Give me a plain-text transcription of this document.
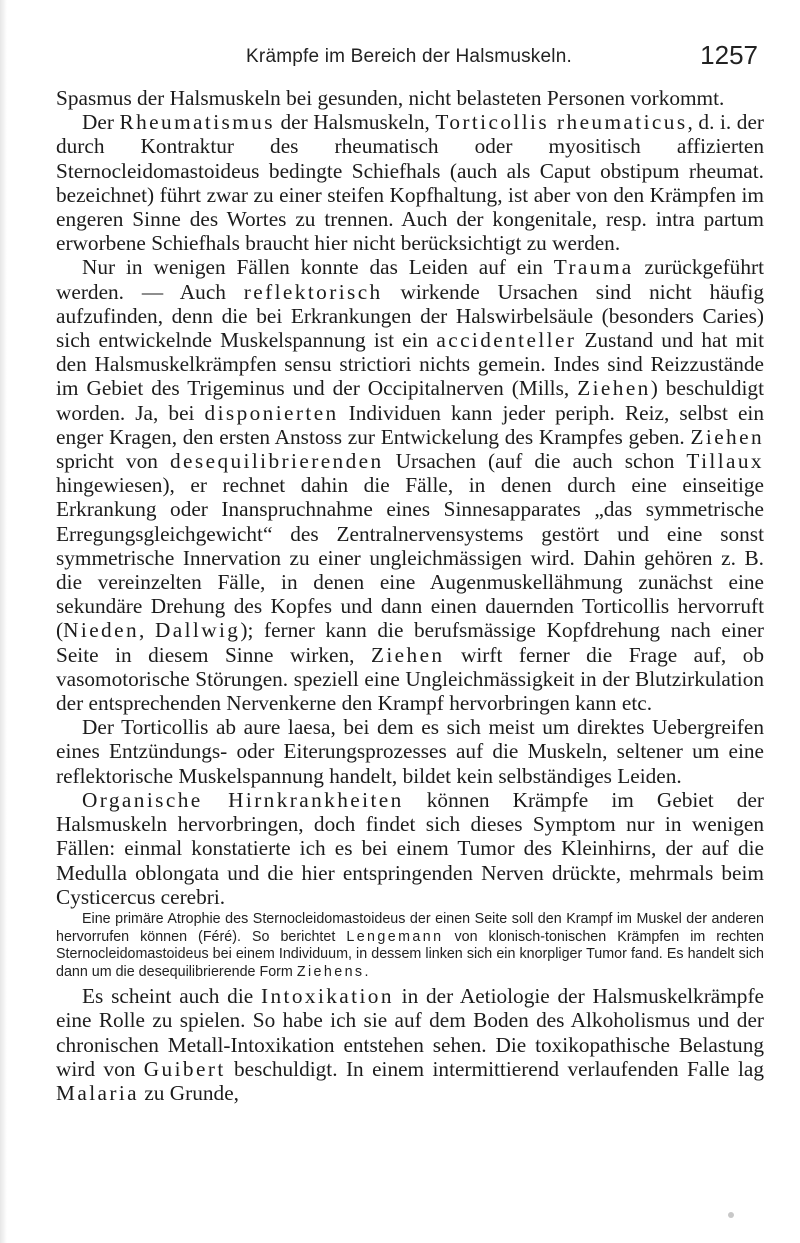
Krämpfe im Bereich der Halsmuskeln.	1257

Spasmus der Halsmuskeln bei gesunden, nicht belasteten Personen vorkommt.

Der Rheumatismus der Halsmuskeln, Torticollis rheumaticus, d. i. der durch Kontraktur des rheumatisch oder myositisch affizierten Sternocleidomastoideus bedingte Schiefhals (auch als Caput obstipum rheumat. bezeichnet) führt zwar zu einer steifen Kopfhaltung, ist aber von den Krämpfen im engeren Sinne des Wortes zu trennen. Auch der kongenitale, resp. intra partum erworbene Schiefhals braucht hier nicht berücksichtigt zu werden.

Nur in wenigen Fällen konnte das Leiden auf ein Trauma zurückgeführt werden. — Auch reflektorisch wirkende Ursachen sind nicht häufig aufzufinden, denn die bei Erkrankungen der Halswirbelsäule (besonders Caries) sich entwickelnde Muskelspannung ist ein accidenteller Zustand und hat mit den Halsmuskelkrämpfen sensu strictiori nichts gemein. Indes sind Reizzustände im Gebiet des Trigeminus und der Occipitalnerven (Mills, Ziehen) beschuldigt worden. Ja, bei disponierten Individuen kann jeder periph. Reiz, selbst ein enger Kragen, den ersten Anstoss zur Entwickelung des Krampfes geben. Ziehen spricht von desequilibrierenden Ursachen (auf die auch schon Tillaux hingewiesen), er rechnet dahin die Fälle, in denen durch eine einseitige Erkrankung oder Inanspruchnahme eines Sinnesapparates „das symmetrische Erregungsgleichgewicht“ des Zentralnervensystems gestört und eine sonst symmetrische Innervation zu einer ungleichmässigen wird. Dahin gehören z. B. die vereinzelten Fälle, in denen eine Augenmuskellähmung zunächst eine sekundäre Drehung des Kopfes und dann einen dauernden Torticollis hervorruft (Nieden, Dallwig); ferner kann die berufsmässige Kopfdrehung nach einer Seite in diesem Sinne wirken, Ziehen wirft ferner die Frage auf, ob vasomotorische Störungen. speziell eine Ungleichmässigkeit in der Blutzirkulation der entsprechenden Nervenkerne den Krampf hervorbringen kann etc.

Der Torticollis ab aure laesa, bei dem es sich meist um direktes Uebergreifen eines Entzündungs- oder Eiterungsprozesses auf die Muskeln, seltener um eine reflektorische Muskelspannung handelt, bildet kein selbständiges Leiden.

Organische Hirnkrankheiten können Krämpfe im Gebiet der Halsmuskeln hervorbringen, doch findet sich dieses Symptom nur in wenigen Fällen: einmal konstatierte ich es bei einem Tumor des Kleinhirns, der auf die Medulla oblongata und die hier entspringenden Nerven drückte, mehrmals beim Cysticercus cerebri.

Eine primäre Atrophie des Sternocleidomastoideus der einen Seite soll den Krampf im Muskel der anderen hervorrufen können (Féré). So berichtet Lengemann von klonisch-tonischen Krämpfen im rechten Sternocleidomastoideus bei einem Individuum, in dessem linken sich ein knorpliger Tumor fand. Es handelt sich dann um die desequilibrierende Form Ziehens.

Es scheint auch die Intoxikation in der Aetiologie der Halsmuskelkrämpfe eine Rolle zu spielen. So habe ich sie auf dem Boden des Alkoholismus und der chronischen Metall-Intoxikation entstehen sehen. Die toxikopathische Belastung wird von Guibert beschuldigt. In einem intermittierend verlaufenden Falle lag Malaria zu Grunde,
